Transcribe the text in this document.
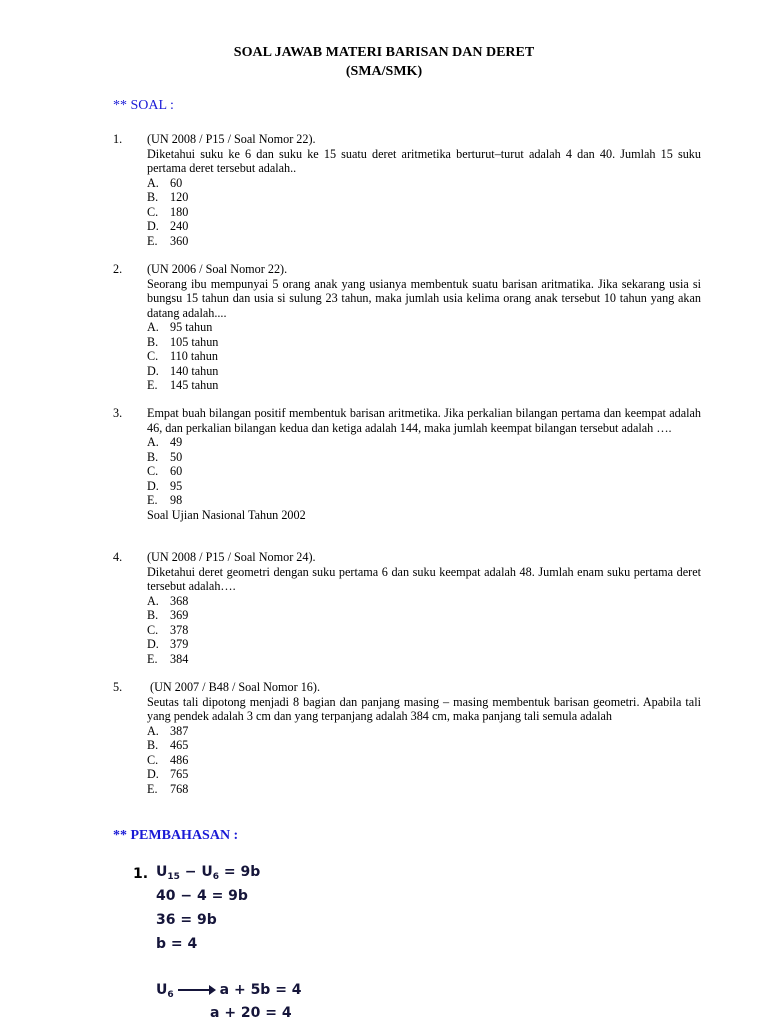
SOAL JAWAB MATERI BARISAN DAN DERET
(SMA/SMK)
** SOAL :
1. (UN 2008 / P15 / Soal Nomor 22).
Diketahui suku ke 6 dan suku ke 15 suatu deret aritmetika berturut–turut adalah 4 dan 40. Jumlah 15 suku pertama deret tersebut adalah..
A. 60
B. 120
C. 180
D. 240
E.	360
2. (UN 2006 / Soal Nomor 22).
Seorang ibu mempunyai 5 orang anak yang usianya membentuk suatu barisan aritmatika. Jika sekarang usia si bungsu 15 tahun dan usia si sulung 23 tahun, maka jumlah usia kelima orang anak tersebut 10 tahun yang akan datang adalah....
A. 95 tahun
B. 105 tahun
C. 110 tahun
D. 140 tahun
E.	145 tahun
3. Empat buah bilangan positif membentuk barisan aritmetika. Jika perkalian bilangan pertama dan keempat adalah 46, dan perkalian bilangan kedua dan ketiga adalah 144, maka jumlah keempat bilangan tersebut adalah ….
A. 49
B. 50
C. 60
D. 95
E.	98
Soal Ujian Nasional Tahun 2002
4. (UN 2008 / P15 / Soal Nomor 24).
Diketahui deret geometri dengan suku pertama 6 dan suku keempat adalah 48. Jumlah enam suku pertama deret tersebut adalah….
A. 368
B. 369
C. 378
D. 379
E.	384
5. (UN 2007 / B48 / Soal Nomor 16).
Seutas tali dipotong menjadi 8 bagian dan panjang masing – masing membentuk barisan geometri. Apabila tali yang pendek adalah 3 cm dan yang terpanjang adalah 384 cm, maka panjang tali semula adalah
A. 387
B. 465
C. 486
D. 765
E.	768
** PEMBAHASAN :
1. $U_{15} - U_6 = 9b$
40 − 4 = 9b
36 = 9b
b = 4
$U_6$	a + 5b = 4
a + 20 = 4
